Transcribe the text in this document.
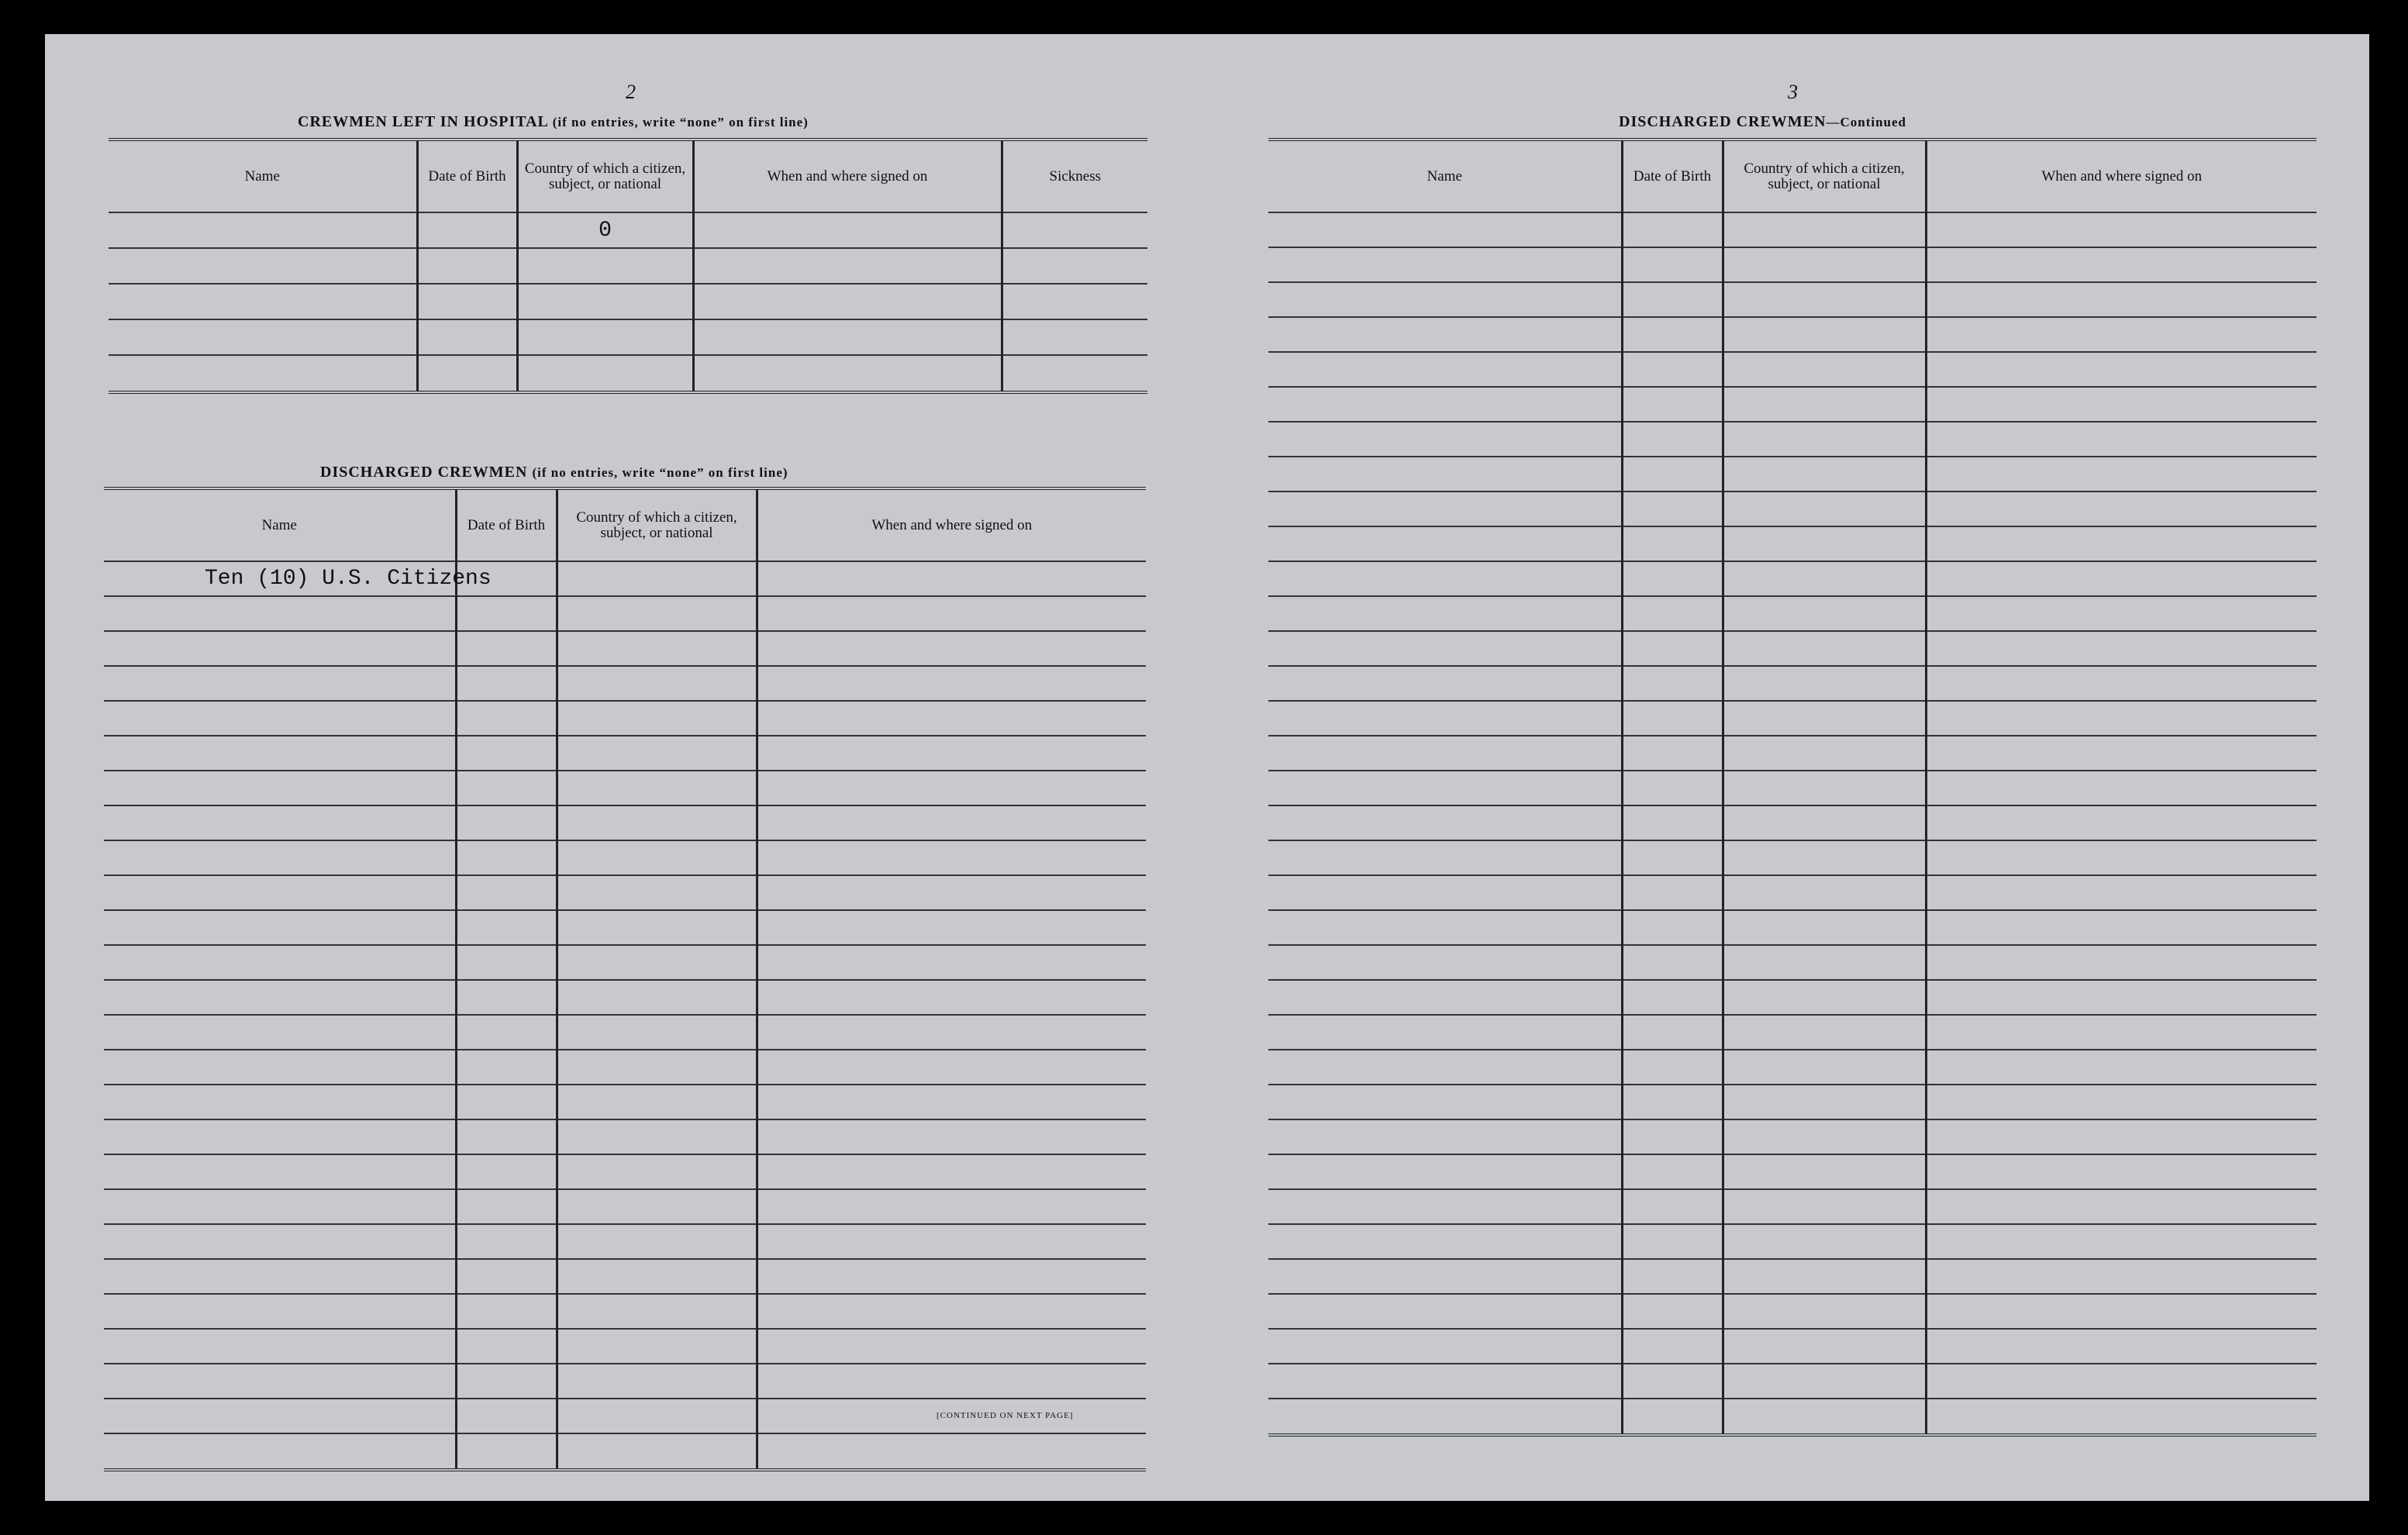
2
CREWMEN LEFT IN HOSPITAL (if no entries, write “none” on first line)
Name	Date of Birth	Country of which a citizen, subject, or national	When and where signed on	Sickness
		0		

DISCHARGED CREWMEN (if no entries, write “none” on first line)
Name	Date of Birth	Country of which a citizen, subject, or national	When and where signed on
Ten (10) U.S. Citizens			

[CONTINUED ON NEXT PAGE]
3
DISCHARGED CREWMEN—Continued
Name	Date of Birth	Country of which a citizen, subject, or national	When and where signed on
